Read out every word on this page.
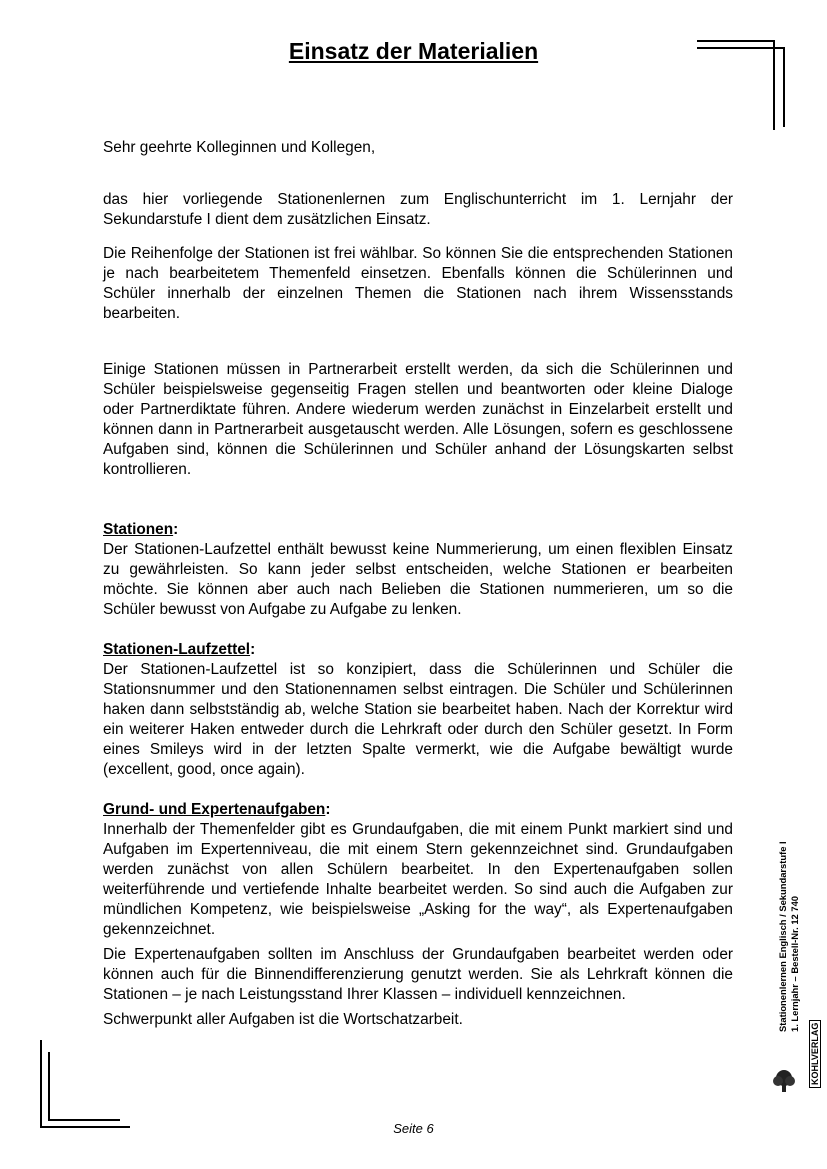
Einsatz der Materialien

Sehr geehrte Kolleginnen und Kollegen,

das hier vorliegende Stationenlernen zum Englischunterricht im 1. Lernjahr der Sekundarstufe I dient dem zusätzlichen Einsatz.

Die Reihenfolge der Stationen ist frei wählbar. So können Sie die entsprechenden Stationen je nach bearbeitetem Themenfeld einsetzen. Ebenfalls können die Schülerinnen und Schüler innerhalb der einzelnen Themen die Stationen nach ihrem Wissensstands bearbeiten.

Einige Stationen müssen in Partnerarbeit erstellt werden, da sich die Schülerinnen und Schüler beispielsweise gegenseitig Fragen stellen und beantworten oder kleine Dialoge oder Partnerdiktate führen. Andere wiederum werden zunächst in Einzelarbeit erstellt und können dann in Partnerarbeit ausgetauscht werden. Alle Lösungen, sofern es geschlossene Aufgaben sind, können die Schülerinnen und Schüler anhand der Lösungskarten selbst kontrollieren.

Stationen:

Der Stationen-Laufzettel enthält bewusst keine Nummerierung, um einen flexiblen Einsatz zu gewährleisten. So kann jeder selbst entscheiden, welche Stationen er bearbeiten möchte. Sie können aber auch nach Belieben die Stationen nummerieren, um so die Schüler bewusst von Aufgabe zu Aufgabe zu lenken.

Stationen-Laufzettel:

Der Stationen-Laufzettel ist so konzipiert, dass die Schülerinnen und Schüler die Stationsnummer und den Stationennamen selbst eintragen. Die Schüler und Schülerinnen haken dann selbstständig ab, welche Station sie bearbeitet haben. Nach der Korrektur wird ein weiterer Haken entweder durch die Lehrkraft oder durch den Schüler gesetzt. In Form eines Smileys wird in der letzten Spalte vermerkt, wie die Aufgabe bewältigt wurde (excellent, good, once again).

Grund- und Expertenaufgaben:

Innerhalb der Themenfelder gibt es Grundaufgaben, die mit einem Punkt markiert sind und Aufgaben im Expertenniveau, die mit einem Stern gekennzeichnet sind. Grundaufgaben werden zunächst von allen Schülern bearbeitet. In den Expertenaufgaben sollen weiterführende und vertiefende Inhalte bearbeitet werden. So sind auch die Aufgaben zur mündlichen Kompetenz, wie beispielsweise „Asking for the way“, als Expertenaufgaben gekennzeichnet.

Die Expertenaufgaben sollten im Anschluss der Grundaufgaben bearbeitet werden oder können auch für die Binnendifferenzierung genutzt werden. Sie als Lehrkraft können die Stationen – je nach Leistungsstand Ihrer Klassen – individuell kennzeichnen.

Schwerpunkt aller Aufgaben ist die Wortschatzarbeit.	Stationenlernen Englisch / Sekundarstufe I 1. Lernjahr – Bestell-Nr. 12 740
KOHLVERLAG
Seite 6
